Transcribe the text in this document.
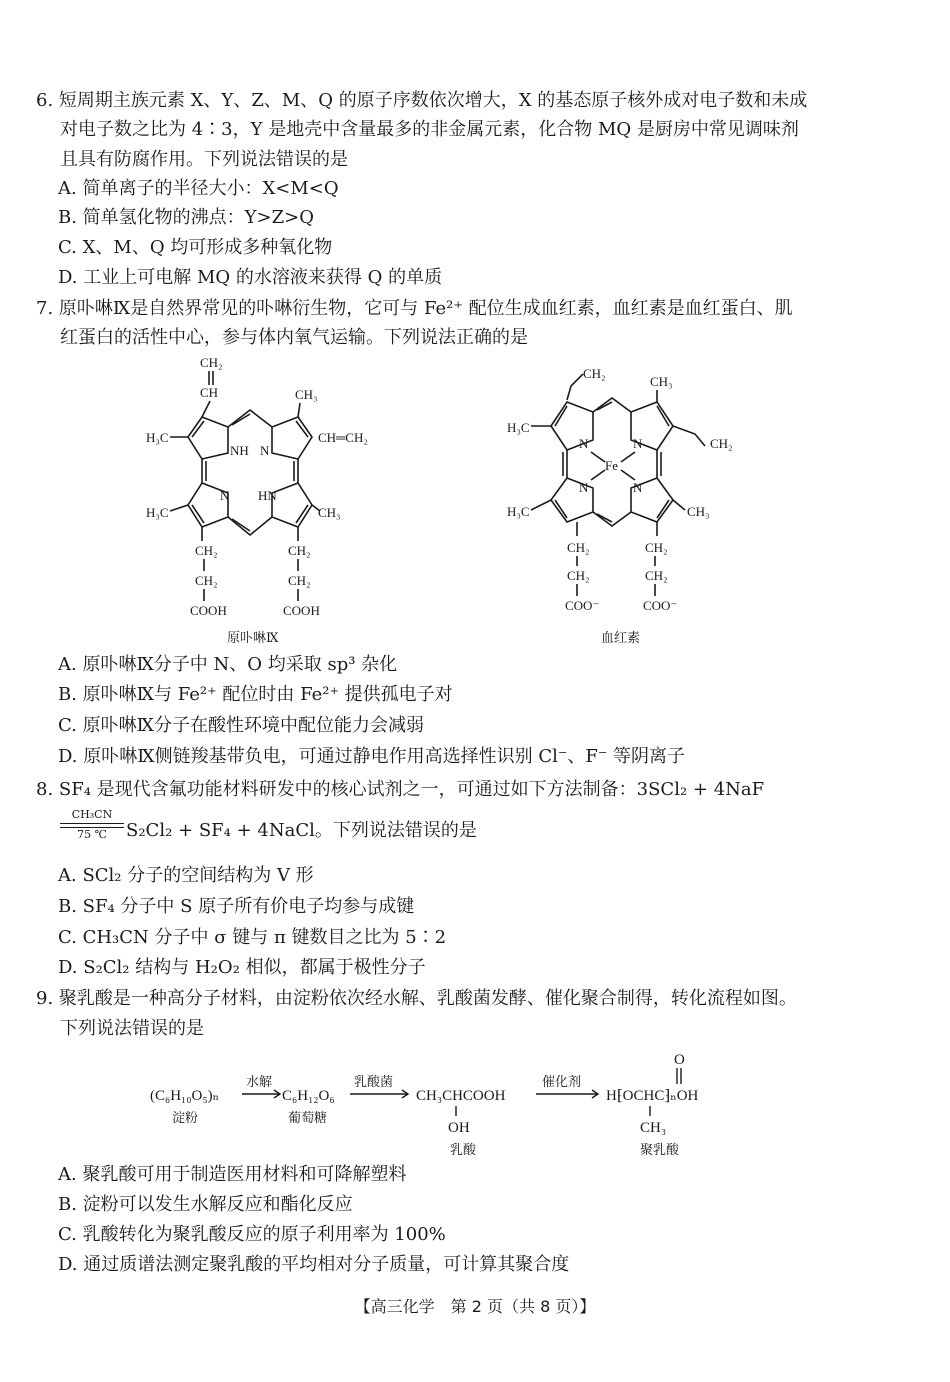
6. 短周期主族元素 X、Y、Z、M、Q 的原子序数依次增大，X 的基态原子核外成对电子数和未成
对电子数之比为 4∶3，Y 是地壳中含量最多的非金属元素，化合物 MQ 是厨房中常见调味剂
且具有防腐作用。下列说法错误的是
A. 简单离子的半径大小：X<M<Q
B. 简单氢化物的沸点：Y>Z>Q
C. X、M、Q 均可形成多种氧化物
D. 工业上可电解 MQ 的水溶液来获得 Q 的单质
7. 原卟啉Ⅸ是自然界常见的卟啉衍生物，它可与 Fe²⁺ 配位生成血红素，血红素是血红蛋白、肌
红蛋白的活性中心，参与体内氧气运输。下列说法正确的是
CH₂
CH	CH₃
NH N
H₃C	CH═CH₂
N HN
H₃C	CH₃
CH₂
CH₂
COOH
CH₂
CH₂
COOH
原卟啉Ⅸ
CH₂
CH₃
H₃C
CH₂
N	N
Fe
N	N
H₃C	CH₃
CH₂
CH₂
COO⁻
CH₂
CH₂
COO⁻
血红素
A. 原卟啉Ⅸ分子中 N、O 均采取 sp³ 杂化
B. 原卟啉Ⅸ与 Fe²⁺ 配位时由 Fe²⁺ 提供孤电子对
C. 原卟啉Ⅸ分子在酸性环境中配位能力会减弱
D. 原卟啉Ⅸ侧链羧基带负电，可通过静电作用高选择性识别 Cl⁻、F⁻ 等阴离子
8. SF₄ 是现代含氟功能材料研发中的核心试剂之一，可通过如下方法制备：3SCl₂ + 4NaF
CH₃CN
75 ℃	S₂Cl₂ + SF₄ + 4NaCl。下列说法错误的是
A. SCl₂ 分子的空间结构为 V 形
B. SF₄ 分子中 S 原子所有价电子均参与成键
C. CH₃CN 分子中 σ 键与 π 键数目之比为 5∶2
D. S₂Cl₂ 结构与 H₂O₂ 相似，都属于极性分子
9. 聚乳酸是一种高分子材料，由淀粉依次经水解、乳酸菌发酵、催化聚合制得，转化流程如图。
下列说法错误的是
(C₆H₁₀O₅)ₙ
淀粉
水解
C₆H₁₂O₆
葡萄糖
乳酸菌
CH₃CHCOOH
OH
乳酸
催化剂
O
H⁅OCHC⁆ₙOH
CH₃
聚乳酸
A. 聚乳酸可用于制造医用材料和可降解塑料
B. 淀粉可以发生水解反应和酯化反应
C. 乳酸转化为聚乳酸反应的原子利用率为 100%
D. 通过质谱法测定聚乳酸的平均相对分子质量，可计算其聚合度
【高三化学　第 2 页（共 8 页）】
